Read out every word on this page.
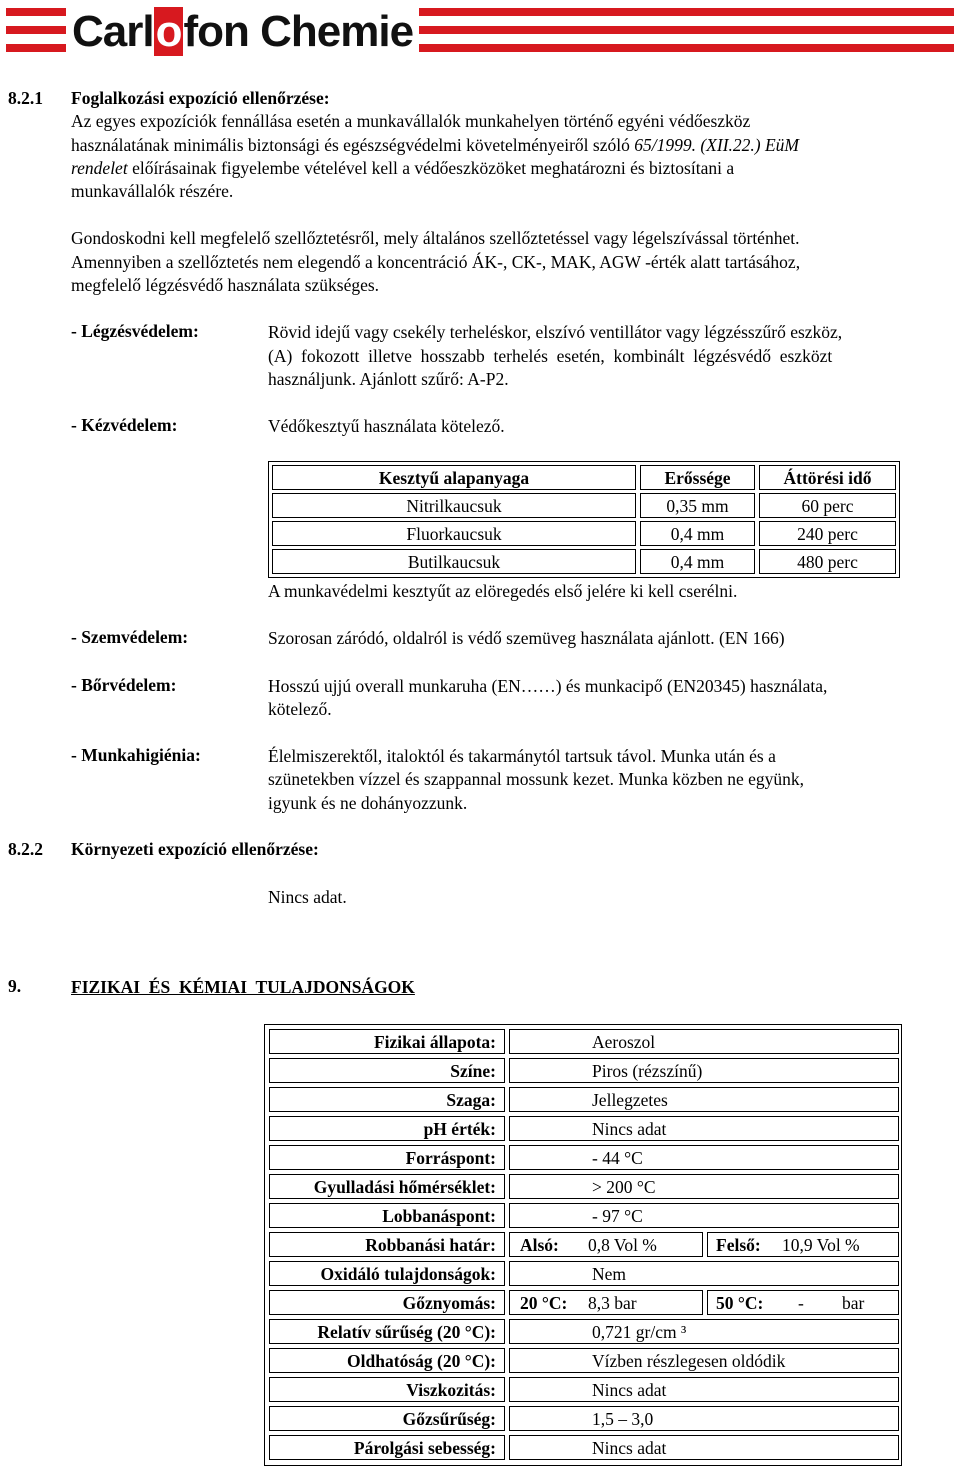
Carlofon Chemie
8.2.1 Foglalkozási expozíció ellenőrzése:
Az egyes expozíciók fennállása esetén a munkavállalók munkahelyen történő egyéni védőeszköz
használatának minimális biztonsági és egészségvédelmi követelményeiről szóló 65/1999. (XII.22.) EüM
rendelet előírásainak figyelembe vételével kell a védőeszközöket meghatározni és biztosítani a
munkavállalók részére.
Gondoskodni kell megfelelő szellőztetésről, mely általános szellőztetéssel vagy légelszívással történhet.
Amennyiben a szellőztetés nem elegendő a koncentráció ÁK-, CK-, MAK, AGW -érték alatt tartásához,
megfelelő légzésvédő használata szükséges.
- Légzésvédelem:	Rövid idejű vagy csekély terheléskor, elszívó ventillátor vagy légzésszűrő eszköz,
(A)  fokozott  illetve  hosszabb  terhelés  esetén,  kombinált  légzésvédő  eszközt
használjunk. Ajánlott szűrő: A-P2.
- Kézvédelem:	Védőkesztyű használata kötelező.
Kesztyű alapanyaga	Erőssége	Áttörési idő
Nitrilkaucsuk	0,35 mm	60 perc
Fluorkaucsuk	0,4 mm	240 perc
Butilkaucsuk	0,4 mm	480 perc
A munkavédelmi kesztyűt az elöregedés első jelére ki kell cserélni.
- Szemvédelem:	Szorosan záródó, oldalról is védő szemüveg használata ajánlott. (EN 166)
- Bőrvédelem:	Hosszú ujjú overall munkaruha (EN……) és munkacipő (EN20345) használata,
kötelező.
- Munkahigiénia:	Élelmiszerektől, italoktól és takarmánytól tartsuk távol. Munka után és a
szünetekben vízzel és szappannal mossunk kezet. Munka közben ne együnk,
igyunk és ne dohányozzunk.
8.2.2 Környezeti expozíció ellenőrzése:
Nincs adat.
9.	FIZIKAI  ÉS  KÉMIAI  TULAJDONSÁGOK
Fizikai állapota:	Aeroszol
Színe:	Piros (rézszínű)
Szaga:	Jellegzetes
pH érték:	Nincs adat
Forráspont:	- 44 °C
Gyulladási hőmérséklet:	> 200 °C
Lobbanáspont:	- 97 °C
Robbanási határ:	Alsó: 0,8 Vol %	Felső: 10,9 Vol %
Oxidáló tulajdonságok:	Nem
Gőznyomás:	20 °C: 8,3 bar	50 °C: - bar
Relatív sűrűség (20 °C):	0,721 gr/cm ³
Oldhatóság (20 °C):	Vízben részlegesen oldódik
Viszkozitás:	Nincs adat
Gőzsűrűség:	1,5 – 3,0
Párolgási sebesség:	Nincs adat
